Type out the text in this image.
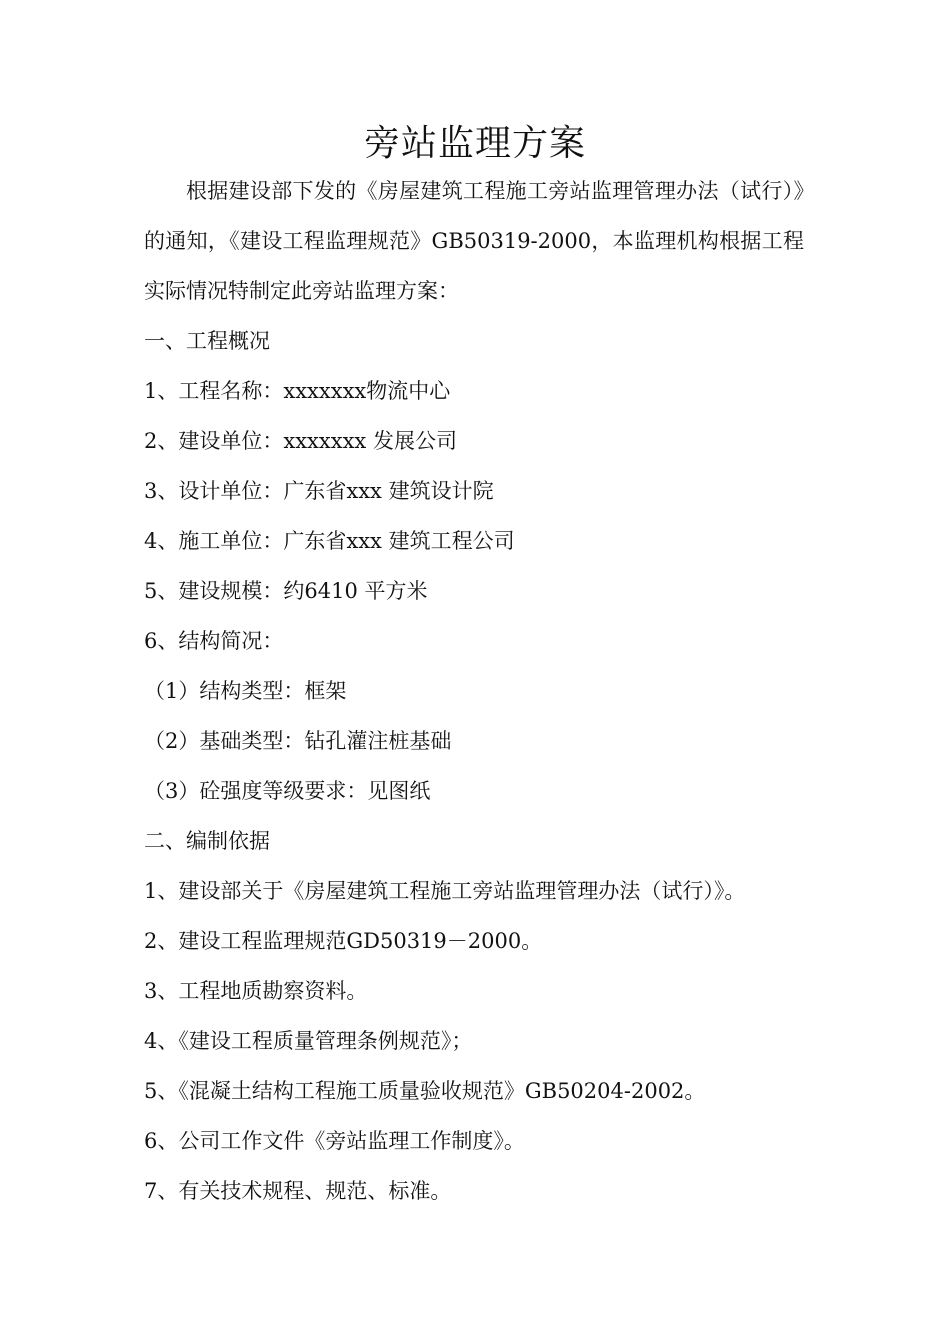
旁站监理方案

根据建设部下发的《房屋建筑工程施工旁站监理管理办法（试行）》的通知，《建设工程监理规范》GB50319-2000，本监理机构根据工程实际情况特制定此旁站监理方案：

一、工程概况

1、工程名称：xxxxxxx物流中心

2、建设单位：xxxxxxx 发展公司

3、设计单位：广东省xxx 建筑设计院

4、施工单位：广东省xxx 建筑工程公司

5、建设规模：约6410 平方米

6、结构简况：

（1）结构类型：框架

（2）基础类型：钻孔灌注桩基础

（3）砼强度等级要求：见图纸

二、编制依据

1、建设部关于《房屋建筑工程施工旁站监理管理办法（试行）》。

2、建设工程监理规范GD50319－2000。

3、工程地质勘察资料。

4、《建设工程质量管理条例规范》；

5、《混凝土结构工程施工质量验收规范》GB50204-2002。

6、公司工作文件《旁站监理工作制度》。

7、有关技术规程、规范、标准。
